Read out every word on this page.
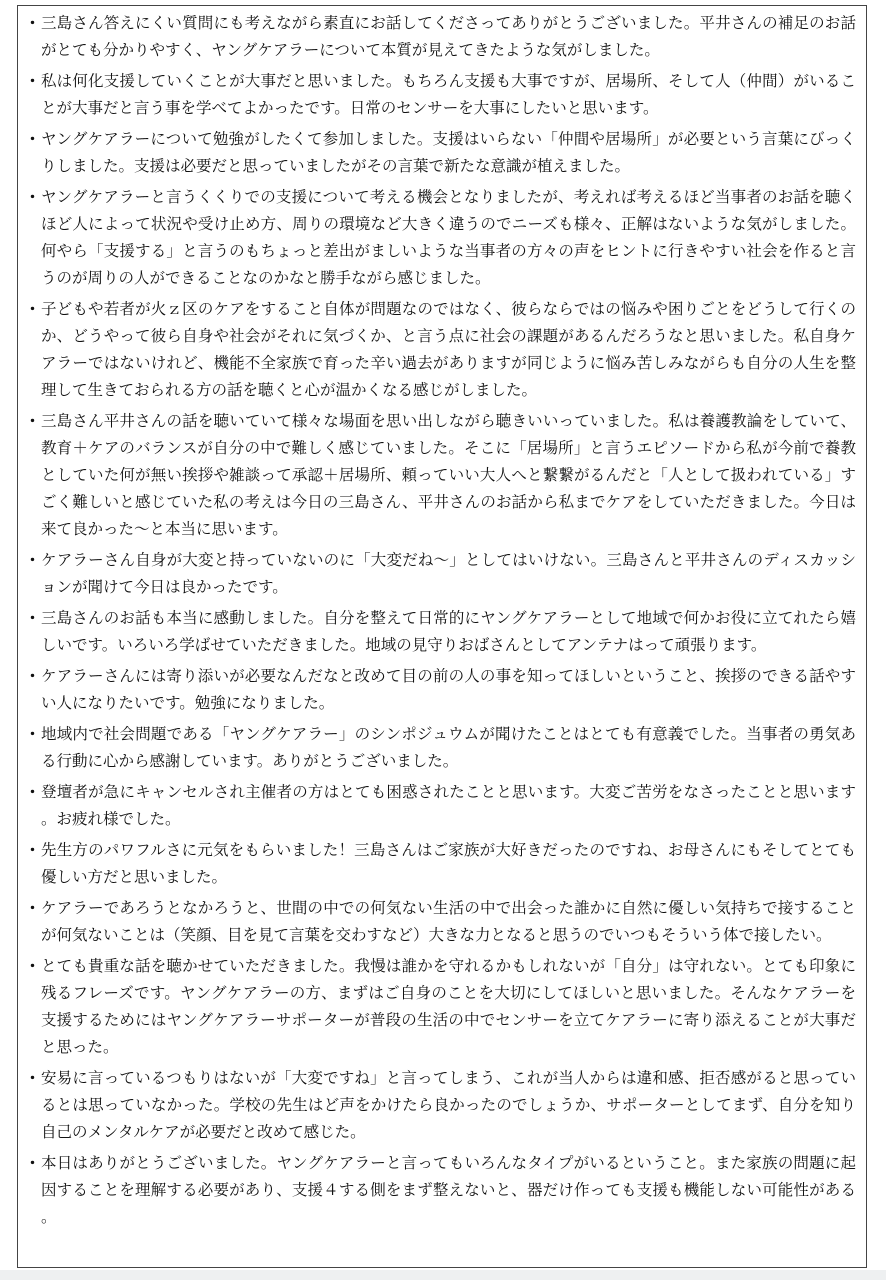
・ 三島さん答えにくい質問にも考えながら素直にお話してくださってありがとうございました。平井さんの補足のお話がとても分かりやすく、ヤングケアラーについて本質が見えてきたような気がしました。
・ 私は何化支援していくことが大事だと思いました。もちろん支援も大事ですが、居場所、そして人（仲間）がいることが大事だと言う事を学べてよかったです。日常のセンサーを大事にしたいと思います。
・ ヤングケアラーについて勉強がしたくて参加しました。支援はいらない「仲間や居場所」が必要という言葉にびっくりしました。支援は必要だと思っていましたがその言葉で新たな意識が植えました。
・ ヤングケアラーと言うくくりでの支援について考える機会となりましたが、考えれば考えるほど当事者のお話を聴くほど人によって状況や受け止め方、周りの環境など大きく違うのでニーズも様々、正解はないような気がしました。何やら「支援する」と言うのもちょっと差出がましいような当事者の方々の声をヒントに行きやすい社会を作ると言うのが周りの人ができることなのかなと勝手ながら感じました。
・ 子どもや若者が火ｚ区のケアをすること自体が問題なのではなく、彼らならではの悩みや困りごとをどうして行くのか、どうやって彼ら自身や社会がそれに気づくか、と言う点に社会の課題があるんだろうなと思いました。私自身ケアラーではないけれど、機能不全家族で育った辛い過去がありますが同じように悩み苦しみながらも自分の人生を整理して生きておられる方の話を聴くと心が温かくなる感じがしました。
・ 三島さん平井さんの話を聴いていて様々な場面を思い出しながら聴きいいっていました。私は養護教論をしていて、教育＋ケアのバランスが自分の中で難しく感じていました。そこに「居場所」と言うエピソードから私が今前で養教としていた何が無い挨拶や雑談って承認＋居場所、頼っていい大人へと繋繋がるんだと「人として扱われている」すごく難しいと感じていた私の考えは今日の三島さん、平井さんのお話から私までケアをしていただきました。今日は来て良かった～と本当に思います。
・ ケアラーさん自身が大変と持っていないのに「大変だね～」としてはいけない。三島さんと平井さんのディスカッションが聞けて今日は良かったです。
・ 三島さんのお話も本当に感動しました。自分を整えて日常的にヤングケアラーとして地域で何かお役に立てれたら嬉しいです。いろいろ学ばせていただきました。地域の見守りおばさんとしてアンテナはって頑張ります。
・ ケアラーさんには寄り添いが必要なんだなと改めて目の前の人の事を知ってほしいということ、挨拶のできる話やすい人になりたいです。勉強になりました。
・ 地域内で社会問題である「ヤングケアラー」のシンポジュウムが聞けたことはとても有意義でした。当事者の勇気ある行動に心から感謝しています。ありがとうございました。
・ 登壇者が急にキャンセルされ主催者の方はとても困惑されたことと思います。大変ご苦労をなさったことと思います。お疲れ様でした。
・ 先生方のパワフルさに元気をもらいました！三島さんはご家族が大好きだったのですね、お母さんにもそしてとても優しい方だと思いました。
・ ケアラーであろうとなかろうと、世間の中での何気ない生活の中で出会った誰かに自然に優しい気持ちで接することが何気ないことは（笑顔、目を見て言葉を交わすなど）大きな力となると思うのでいつもそういう体で接したい。
・ とても貴重な話を聴かせていただきました。我慢は誰かを守れるかもしれないが「自分」は守れない。とても印象に残るフレーズです。ヤングケアラーの方、まずはご自身のことを大切にしてほしいと思いました。そんなケアラーを支援するためにはヤングケアラーサポーターが普段の生活の中でセンサーを立てケアラーに寄り添えることが大事だと思った。
・ 安易に言っているつもりはないが「大変ですね」と言ってしまう、これが当人からは違和感、拒否感がると思っているとは思っていなかった。学校の先生はど声をかけたら良かったのでしょうか、サポーターとしてまず、自分を知り自己のメンタルケアが必要だと改めて感じた。
・ 本日はありがとうございました。ヤングケアラーと言ってもいろんなタイプがいるということ。また家族の問題に起因することを理解する必要があり、支援４する側をまず整えないと、器だけ作っても支援も機能しない可能性がある。
